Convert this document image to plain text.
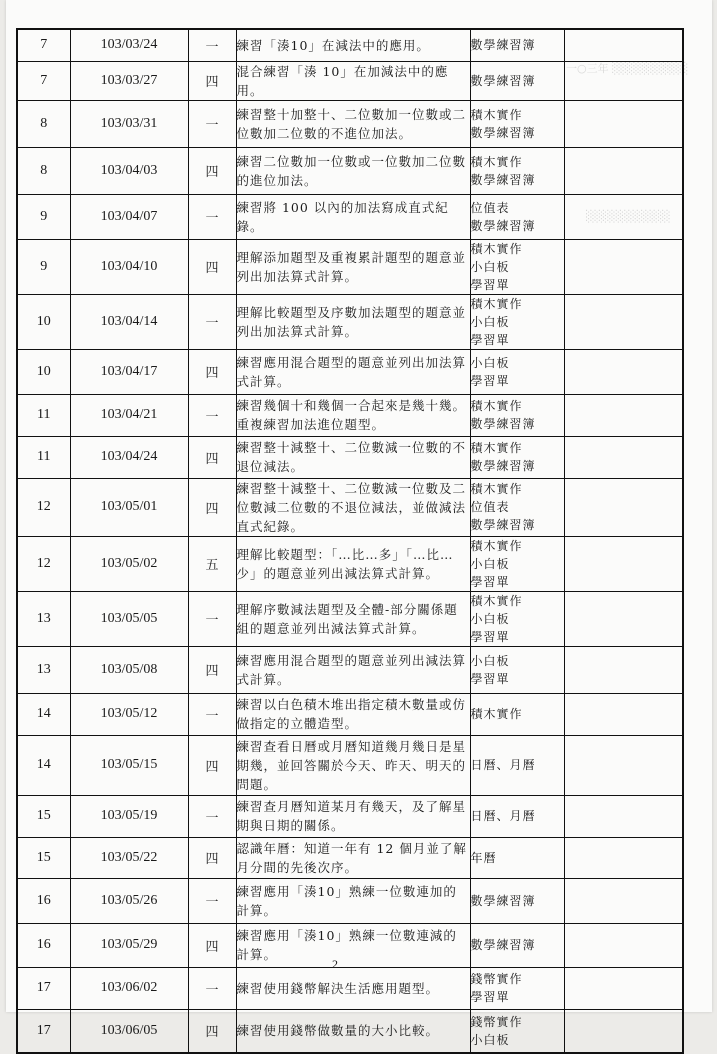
一○三年 ░░░░░░░░░
░░░░░░░░░░
7	103/03/24	一	練習「湊10」在減法中的應用。	數學練習簿	

7	103/03/27	四	混合練習「湊 10」在加減法中的應用。	數學練習簿	

8	103/03/31	一	練習整十加整十、二位數加一位數或二位數加二位數的不進位加法。	積木實作
數學練習簿	

8	103/04/03	四	練習二位數加一位數或一位數加二位數的進位加法。	積木實作
數學練習簿	

9	103/04/07	一	練習將 100 以內的加法寫成直式紀錄。	位值表
數學練習簿	

9	103/04/10	四	理解添加題型及重複累計題型的題意並列出加法算式計算。	積木實作
小白板
學習單	

10	103/04/14	一	理解比較題型及序數加法題型的題意並列出加法算式計算。	積木實作
小白板
學習單	

10	103/04/17	四	練習應用混合題型的題意並列出加法算式計算。	小白板
學習單	

11	103/04/21	一	練習幾個十和幾個一合起來是幾十幾。重複練習加法進位題型。	積木實作
數學練習簿	

11	103/04/24	四	練習整十減整十、二位數減一位數的不退位減法。	積木實作
數學練習簿	

12	103/05/01	四	練習整十減整十、二位數減一位數及二位數減二位數的不退位減法，並做減法直式紀錄。	積木實作
位值表
數學練習簿	

12	103/05/02	五	理解比較題型：「…比…多」「…比…少」的題意並列出減法算式計算。	積木實作
小白板
學習單	

13	103/05/05	一	理解序數減法題型及全體-部分關係題組的題意並列出減法算式計算。	積木實作
小白板
學習單	

13	103/05/08	四	練習應用混合題型的題意並列出減法算式計算。	小白板
學習單	

14	103/05/12	一	練習以白色積木堆出指定積木數量或仿做指定的立體造型。	積木實作	

14	103/05/15	四	練習查看日曆或月曆知道幾月幾日是星期幾，並回答關於今天、昨天、明天的問題。	日曆、月曆	

15	103/05/19	一	練習查月曆知道某月有幾天，及了解星期與日期的關係。	日曆、月曆	

15	103/05/22	四	認識年曆：知道一年有 12 個月並了解月分間的先後次序。	年曆	

16	103/05/26	一	練習應用「湊10」熟練一位數連加的計算。	數學練習簿	

16	103/05/29	四	練習應用「湊10」熟練一位數連減的計算。	數學練習簿	

17	103/06/02	一	練習使用錢幣解決生活應用題型。	錢幣實作
學習單	

17	103/06/05	四	練習使用錢幣做數量的大小比較。	錢幣實作
小白板	

2
